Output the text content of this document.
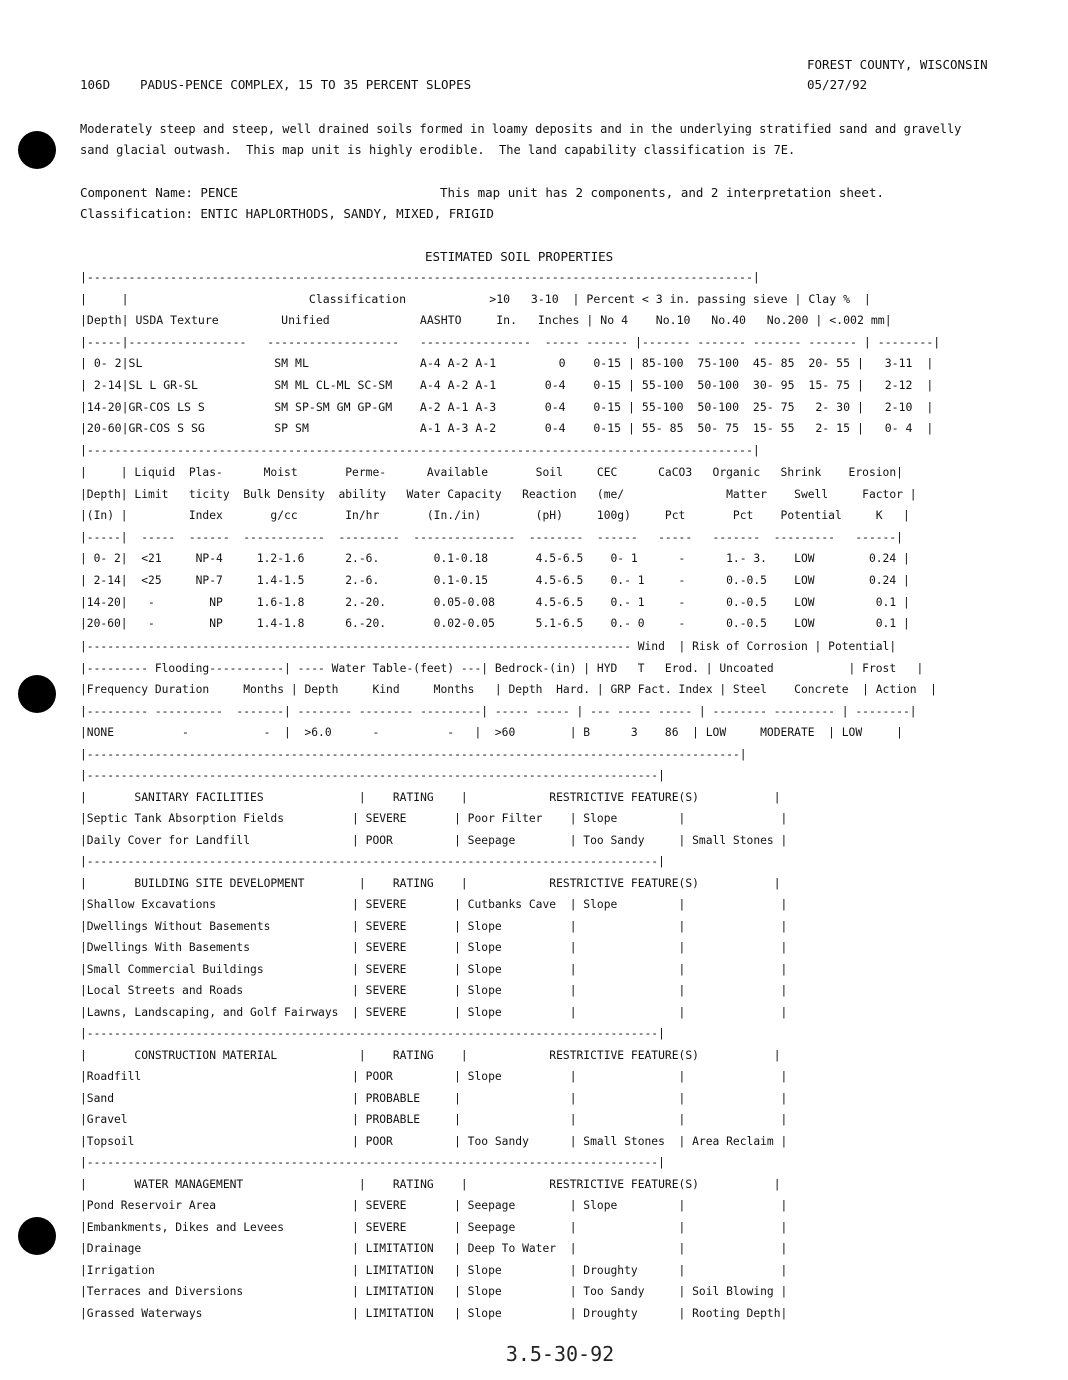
FOREST COUNTY, WISCONSIN
106D PADUS-PENCE COMPLEX, 15 TO 35 PERCENT SLOPES	05/27/92
Moderately steep and steep, well drained soils formed in loamy deposits and in the underlying stratified sand and gravelly
sand glacial outwash.  This map unit is highly erodible.  The land capability classification is 7E.
Component Name: PENCE	This map unit has 2 components, and 2 interpretation sheet.
Classification: ENTIC HAPLORTHODS, SANDY, MIXED, FRIGID
ESTIMATED SOIL PROPERTIES
|------------------------------------------------------------------------------------------------|
|     |                          Classification            >10   3-10  | Percent < 3 in. passing sieve | Clay %  |
|Depth| USDA Texture         Unified             AASHTO     In.   Inches | No 4    No.10   No.40   No.200 | <.002 mm|
|-----|-----------------   -------------------   ----------------  ----- ------ |------- ------- ------- ------- | --------|
| 0- 2|SL                   SM ML                A-4 A-2 A-1         0    0-15 | 85-100  75-100  45- 85  20- 55 |   3-11  |
| 2-14|SL L GR-SL           SM ML CL-ML SC-SM    A-4 A-2 A-1       0-4    0-15 | 55-100  50-100  30- 95  15- 75 |   2-12  |
|14-20|GR-COS LS S          SM SP-SM GM GP-GM    A-2 A-1 A-3       0-4    0-15 | 55-100  50-100  25- 75   2- 30 |   2-10  |
|20-60|GR-COS S SG          SP SM                A-1 A-3 A-2       0-4    0-15 | 55- 85  50- 75  15- 55   2- 15 |   0- 4  |
|------------------------------------------------------------------------------------------------|
|     | Liquid  Plas-      Moist       Perme-      Available       Soil     CEC      CaCO3   Organic   Shrink    Erosion|
|Depth| Limit   ticity  Bulk Density  ability   Water Capacity   Reaction   (me/               Matter    Swell     Factor |
|(In) |         Index       g/cc       In/hr       (In./in)        (pH)     100g)     Pct       Pct    Potential     K   |
|-----|  -----  ------  ------------  ---------  ---------------  --------  ------   -----   -------  ---------   ------|
| 0- 2|  <21     NP-4     1.2-1.6      2.-6.        0.1-0.18       4.5-6.5    0- 1      -      1.- 3.    LOW        0.24 |
| 2-14|  <25     NP-7     1.4-1.5      2.-6.        0.1-0.15       4.5-6.5    0.- 1     -      0.-0.5    LOW        0.24 |
|14-20|   -        NP     1.6-1.8      2.-20.       0.05-0.08      4.5-6.5    0.- 1     -      0.-0.5    LOW         0.1 |
|20-60|   -        NP     1.4-1.8      6.-20.       0.02-0.05      5.1-6.5    0.- 0     -      0.-0.5    LOW         0.1 |
|-------------------------------------------------------------------------------- Wind  | Risk of Corrosion | Potential|
|--------- Flooding-----------| ---- Water Table-(feet) ---| Bedrock-(in) | HYD   T   Erod. | Uncoated           | Frost   |
|Frequency Duration     Months | Depth     Kind     Months   | Depth  Hard. | GRP Fact. Index | Steel    Concrete  | Action  |
|--------- ----------  -------| -------- -------- ---------| ----- ----- | --- ----- ----- | -------- --------- | --------|
|NONE          -           -  |  >6.0      -          -   |  >60        | B      3    86  | LOW     MODERATE  | LOW     |
|------------------------------------------------------------------------------------------------|
|------------------------------------------------------------------------------------|
|       SANITARY FACILITIES              |    RATING    |            RESTRICTIVE FEATURE(S)           |
|Septic Tank Absorption Fields          | SEVERE       | Poor Filter    | Slope         |              |
|Daily Cover for Landfill               | POOR         | Seepage        | Too Sandy     | Small Stones |
|------------------------------------------------------------------------------------|
|       BUILDING SITE DEVELOPMENT        |    RATING    |            RESTRICTIVE FEATURE(S)           |
|Shallow Excavations                    | SEVERE       | Cutbanks Cave  | Slope         |              |
|Dwellings Without Basements            | SEVERE       | Slope          |               |              |
|Dwellings With Basements               | SEVERE       | Slope          |               |              |
|Small Commercial Buildings             | SEVERE       | Slope          |               |              |
|Local Streets and Roads                | SEVERE       | Slope          |               |              |
|Lawns, Landscaping, and Golf Fairways  | SEVERE       | Slope          |               |              |
|------------------------------------------------------------------------------------|
|       CONSTRUCTION MATERIAL            |    RATING    |            RESTRICTIVE FEATURE(S)           |
|Roadfill                               | POOR         | Slope          |               |              |
|Sand                                   | PROBABLE     |                |               |              |
|Gravel                                 | PROBABLE     |                |               |              |
|Topsoil                                | POOR         | Too Sandy      | Small Stones  | Area Reclaim |
|------------------------------------------------------------------------------------|
|       WATER MANAGEMENT                 |    RATING    |            RESTRICTIVE FEATURE(S)           |
|Pond Reservoir Area                    | SEVERE       | Seepage        | Slope         |              |
|Embankments, Dikes and Levees          | SEVERE       | Seepage        |               |              |
|Drainage                               | LIMITATION   | Deep To Water  |               |              |
|Irrigation                             | LIMITATION   | Slope          | Droughty      |              |
|Terraces and Diversions                | LIMITATION   | Slope          | Too Sandy     | Soil Blowing |
|Grassed Waterways                      | LIMITATION   | Slope          | Droughty      | Rooting Depth|
3.5-30-92
